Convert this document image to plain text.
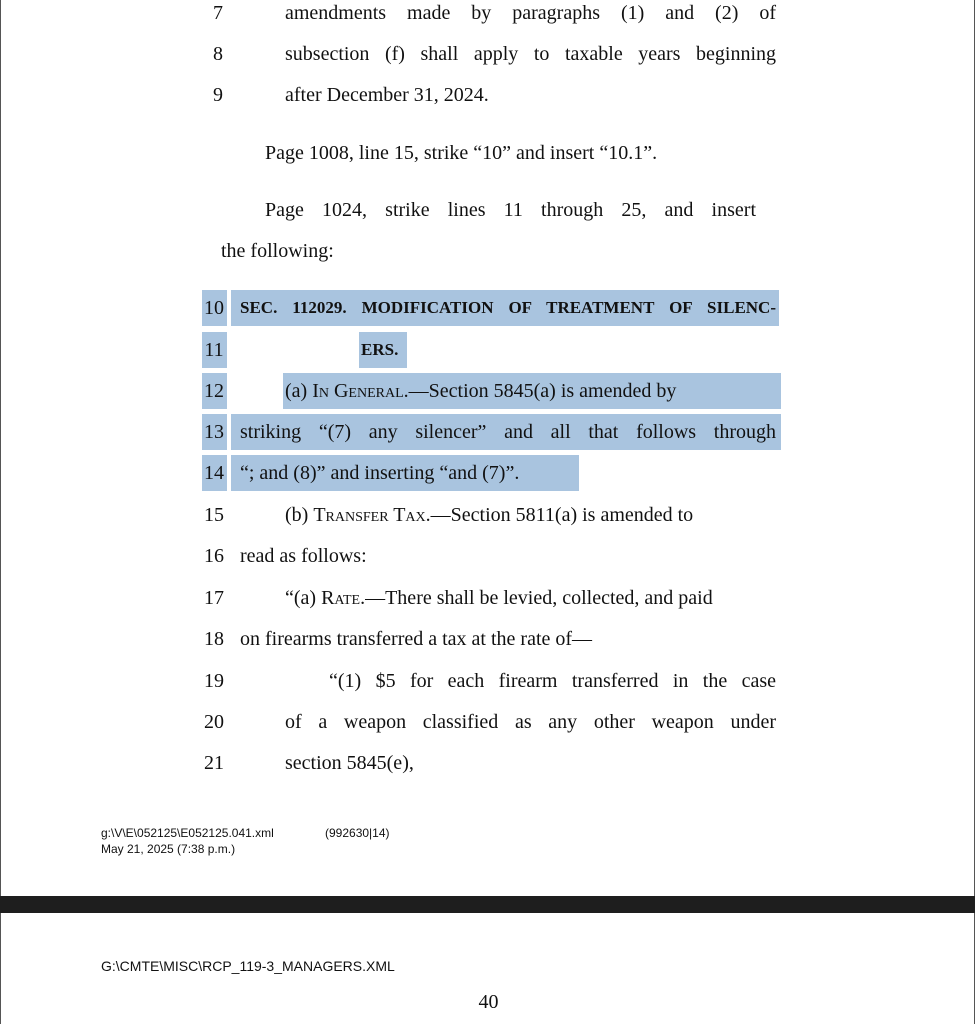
7	amendments made by paragraphs (1) and (2) of
8	subsection (f) shall apply to taxable years beginning
9	after December 31, 2024.
Page 1008, line 15, strike “10” and insert “10.1”.
Page 1024, strike lines 11 through 25, and insert
the following:
10 SEC. 112029. MODIFICATION OF TREATMENT OF SILENC-
11	ERS.
12	(a) In General.—Section 5845(a) is amended by
13 striking “(7) any silencer” and all that follows through
14 “; and (8)” and inserting “and (7)”.
15	(b) Transfer Tax.—Section 5811(a) is amended to
16 read as follows:
17	“(a) Rate.—There shall be levied, collected, and paid
18 on firearms transferred a tax at the rate of—
19	“(1) $5 for each firearm transferred in the case
20	of a weapon classified as any other weapon under
21	section 5845(e),
g:\V\E\052125\E052125.041.xml	(992630|14)
May 21, 2025 (7:38 p.m.)
G:\CMTE\MISC\RCP_119-3_MANAGERS.XML
40
